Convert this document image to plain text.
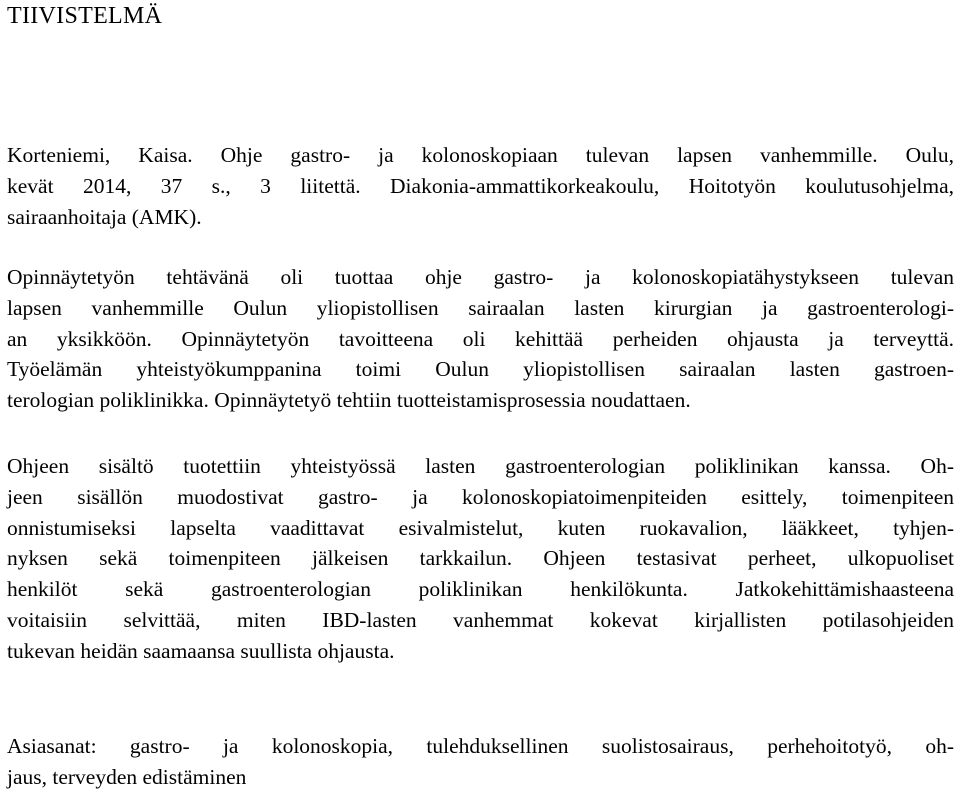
TIIVISTELMÄ

Korteniemi, Kaisa. Ohje gastro- ja kolonoskopiaan tulevan lapsen vanhemmille. Oulu,
kevät 2014, 37 s., 3 liitettä. Diakonia-ammattikorkeakoulu, Hoitotyön koulutusohjelma,
sairaanhoitaja (AMK).

Opinnäytetyön tehtävänä oli tuottaa ohje gastro- ja kolonoskopiatähystykseen tulevan
lapsen vanhemmille Oulun yliopistollisen sairaalan lasten kirurgian ja gastroenterologi-
an yksikköön. Opinnäytetyön tavoitteena oli kehittää perheiden ohjausta ja terveyttä.
Työelämän yhteistyökumppanina toimi Oulun yliopistollisen sairaalan lasten gastroen-
terologian poliklinikka. Opinnäytetyö tehtiin tuotteistamisprosessia noudattaen.

Ohjeen sisältö tuotettiin yhteistyössä lasten gastroenterologian poliklinikan kanssa. Oh-
jeen sisällön muodostivat gastro- ja kolonoskopiatoimenpiteiden esittely, toimenpiteen
onnistumiseksi lapselta vaadittavat esivalmistelut, kuten ruokavalion, lääkkeet, tyhjen-
nyksen sekä toimenpiteen jälkeisen tarkkailun. Ohjeen testasivat perheet, ulkopuoliset
henkilöt sekä gastroenterologian poliklinikan henkilökunta. Jatkokehittämishaasteena
voitaisiin selvittää, miten IBD-lasten vanhemmat kokevat kirjallisten potilasohjeiden
tukevan heidän saamaansa suullista ohjausta.

Asiasanat: gastro- ja kolonoskopia, tulehduksellinen suolistosairaus, perhehoitotyö, oh-
jaus, terveyden edistäminen
